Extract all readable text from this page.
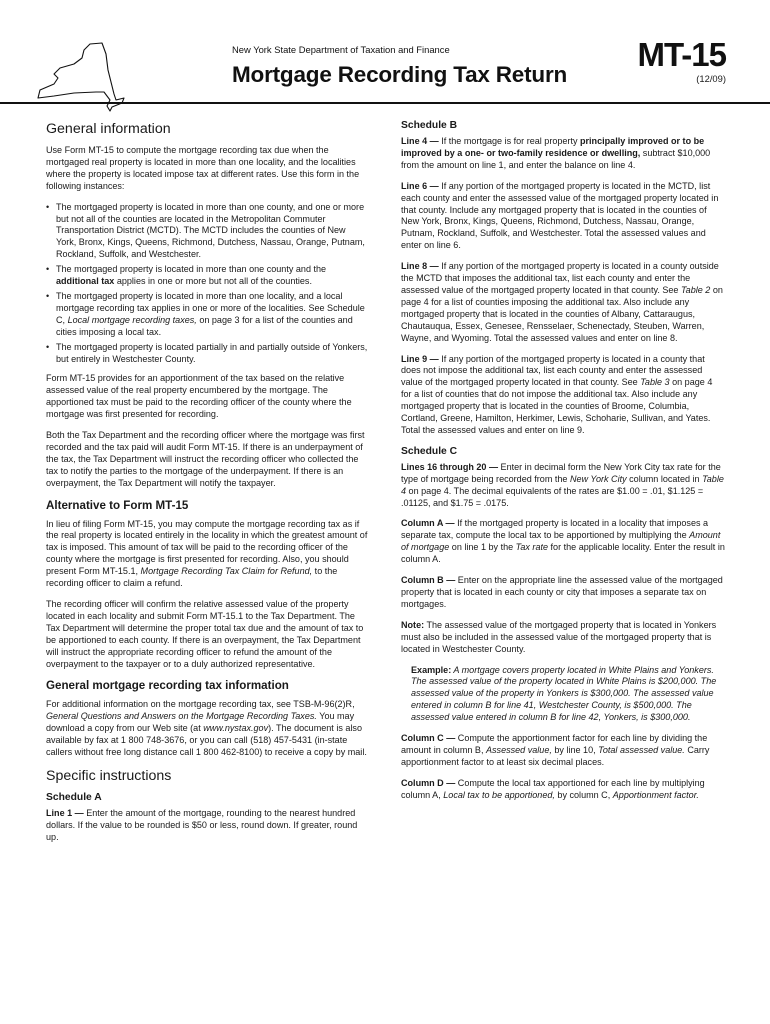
New York State Department of Taxation and Finance
Mortgage Recording Tax Return
MT-15
(12/09)
General information

Use Form MT-15 to compute the mortgage recording tax due when the mortgaged real property is located in more than one locality, and the localities where the property is located impose tax at different rates. Use this form in the following instances:

• The mortgaged property is located in more than one county, and one or more but not all of the counties are located in the Metropolitan Commuter Transportation District (MCTD). The MCTD includes the counties of New York, Bronx, Kings, Queens, Richmond, Dutchess, Nassau, Orange, Putnam, Rockland, Suffolk, and Westchester.
• The mortgaged property is located in more than one county and the additional tax applies in one or more but not all of the counties.
• The mortgaged property is located in more than one locality, and a local mortgage recording tax applies in one or more of the localities. See Schedule C, Local mortgage recording taxes, on page 3 for a list of the counties and cities imposing a local tax.
• The mortgaged property is located partially in and partially outside of Yonkers, but entirely in Westchester County.

Form MT-15 provides for an apportionment of the tax based on the relative assessed value of the real property encumbered by the mortgage. The apportioned tax must be paid to the recording officer of the county where the mortgage was first presented for recording.

Both the Tax Department and the recording officer where the mortgage was first recorded and the tax paid will audit Form MT-15. If there is an underpayment of the tax, the Tax Department will instruct the recording officer who collected the tax to notify the parties to the mortgage of the underpayment. If there is an overpayment, the Tax Department will notify the taxpayer.

Alternative to Form MT-15

In lieu of filing Form MT-15, you may compute the mortgage recording tax as if the real property is located entirely in the locality in which the greatest amount of tax is imposed. This amount of tax will be paid to the recording officer of the county where the mortgage is first presented for recording. Also, you should present Form MT-15.1, Mortgage Recording Tax Claim for Refund, to the recording officer to claim a refund.

The recording officer will confirm the relative assessed value of the property located in each locality and submit Form MT-15.1 to the Tax Department. The Tax Department will determine the proper total tax due and the amount of tax to be apportioned to each county. If there is an overpayment, the Tax Department will instruct the appropriate recording officer to refund the amount of the overpayment to the taxpayer or to a duly authorized representative.

General mortgage recording tax information

For additional information on the mortgage recording tax, see TSB-M-96(2)R, General Questions and Answers on the Mortgage Recording Taxes. You may download a copy from our Web site (at www.nystax.gov). The document is also available by fax at 1 800 748-3676, or you can call (518) 457-5431 (in-state callers without free long distance call 1 800 462-8100) to receive a copy by mail.

Specific instructions
Schedule A

Line 1 — Enter the amount of the mortgage, rounding to the nearest hundred dollars. If the value to be rounded is $50 or less, round down. If greater, round up.

Schedule B

Line 4 — If the mortgage is for real property principally improved or to be improved by a one- or two-family residence or dwelling, subtract $10,000 from the amount on line 1, and enter the balance on line 4.

Line 6 — If any portion of the mortgaged property is located in the MCTD, list each county and enter the assessed value of the mortgaged property located in that county. Include any mortgaged property that is located in the counties of New York, Bronx, Kings, Queens, Richmond, Dutchess, Nassau, Orange, Putnam, Rockland, Suffolk, and Westchester. Total the assessed values and enter on line 6.

Line 8 — If any portion of the mortgaged property is located in a county outside the MCTD that imposes the additional tax, list each county and enter the assessed value of the mortgaged property located in that county. See Table 2 on page 4 for a list of counties imposing the additional tax. Also include any mortgaged property that is located in the counties of Albany, Cattaraugus, Chautauqua, Essex, Genesee, Rensselaer, Schenectady, Steuben, Warren, Wayne, and Wyoming. Total the assessed values and enter on line 8.

Line 9 — If any portion of the mortgaged property is located in a county that does not impose the additional tax, list each county and enter the assessed value of the mortgaged property located in that county. See Table 3 on page 4 for a list of counties that do not impose the additional tax. Also include any mortgaged property that is located in the counties of Broome, Columbia, Cortland, Greene, Hamilton, Herkimer, Lewis, Schoharie, Sullivan, and Yates. Total the assessed values and enter on line 9.

Schedule C

Lines 16 through 20 — Enter in decimal form the New York City tax rate for the type of mortgage being recorded from the New York City column located in Table 4 on page 4. The decimal equivalents of the rates are $1.00 = .01, $1.125 = .01125, and $1.75 = .0175.

Column A — If the mortgaged property is located in a locality that imposes a separate tax, compute the local tax to be apportioned by multiplying the Amount of mortgage on line 1 by the Tax rate for the applicable locality. Enter the result in column A.

Column B — Enter on the appropriate line the assessed value of the mortgaged property that is located in each county or city that imposes a separate tax on mortgages.

Note: The assessed value of the mortgaged property that is located in Yonkers must also be included in the assessed value of the mortgaged property that is located in Westchester County.

Example: A mortgage covers property located in White Plains and Yonkers. The assessed value of the property located in White Plains is $200,000. The assessed value of the property in Yonkers is $300,000. The assessed value entered in column B for line 41, Westchester County, is $500,000. The assessed value entered in column B for line 42, Yonkers, is $300,000.

Column C — Compute the apportionment factor for each line by dividing the amount in column B, Assessed value, by line 10, Total assessed value. Carry apportionment factor to at least six decimal places.

Column D — Compute the local tax apportioned for each line by multiplying column A, Local tax to be apportioned, by column C, Apportionment factor.
